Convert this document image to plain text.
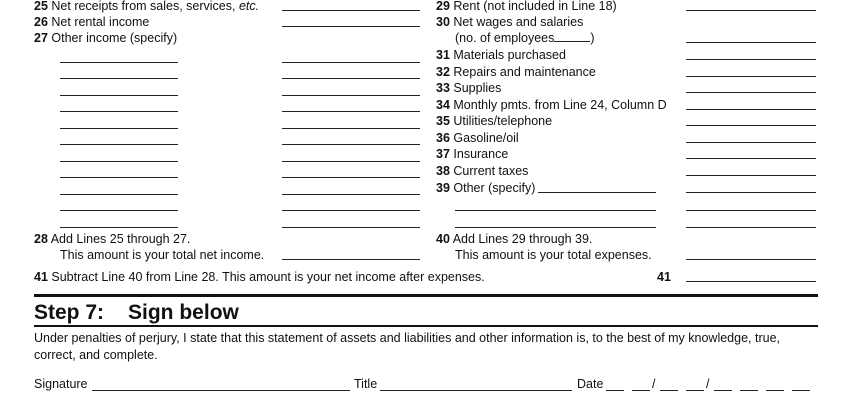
25 Net receipts from sales, services, etc.
26 Net rental income
27 Other income (specify)
28 Add Lines 25 through 27.
This amount is your total net income.
29 Rent (not included in Line 18)
30 Net wages and salaries
(no. of employees	)
31 Materials purchased
32 Repairs and maintenance
33 Supplies
34 Monthly pmts. from Line 24, Column D
35 Utilities/telephone
36 Gasoline/oil
37 Insurance
38 Current taxes
39 Other (specify)
40 Add Lines 29 through 39.
This amount is your total expenses.
41 Subtract Line 40 from Line 28. This amount is your net income after expenses.	41
Step 7: Sign below
Under penalties of perjury, I state that this statement of assets and liabilities and other information is, to the best of my knowledge, true, correct, and complete.
Signature	Title	Date	/	/
